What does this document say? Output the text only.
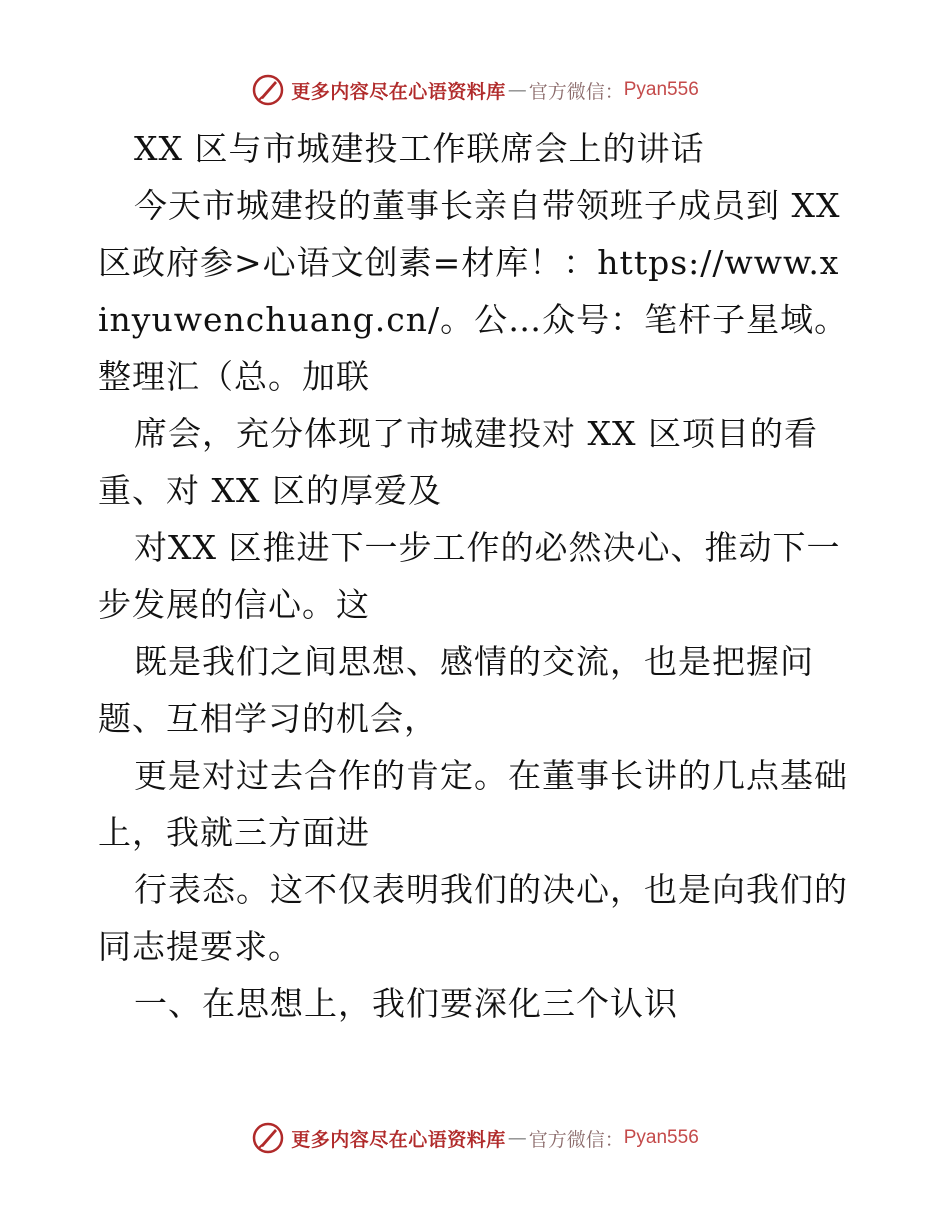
更多内容尽在心语资料库 — 官方微信： Pyan556

XX 区与市城建投工作联席会上的讲话

今天市城建投的董事长亲自带领班子成员到 XX 区政府参>心语文创素=材库！：https://www.xinyuwenchuang.cn/。公…众号：笔杆子星域。整理汇（总。加联

席会，充分体现了市城建投对 XX 区项目的看重、对 XX 区的厚爱及

对XX 区推进下一步工作的必然决心、推动下一步发展的信心。这

既是我们之间思想、感情的交流，也是把握问题、互相学习的机会，

更是对过去合作的肯定。在董事长讲的几点基础上，我就三方面进

行表态。这不仅表明我们的决心，也是向我们的同志提要求。

一、在思想上，我们要深化三个认识

更多内容尽在心语资料库 — 官方微信： Pyan556
